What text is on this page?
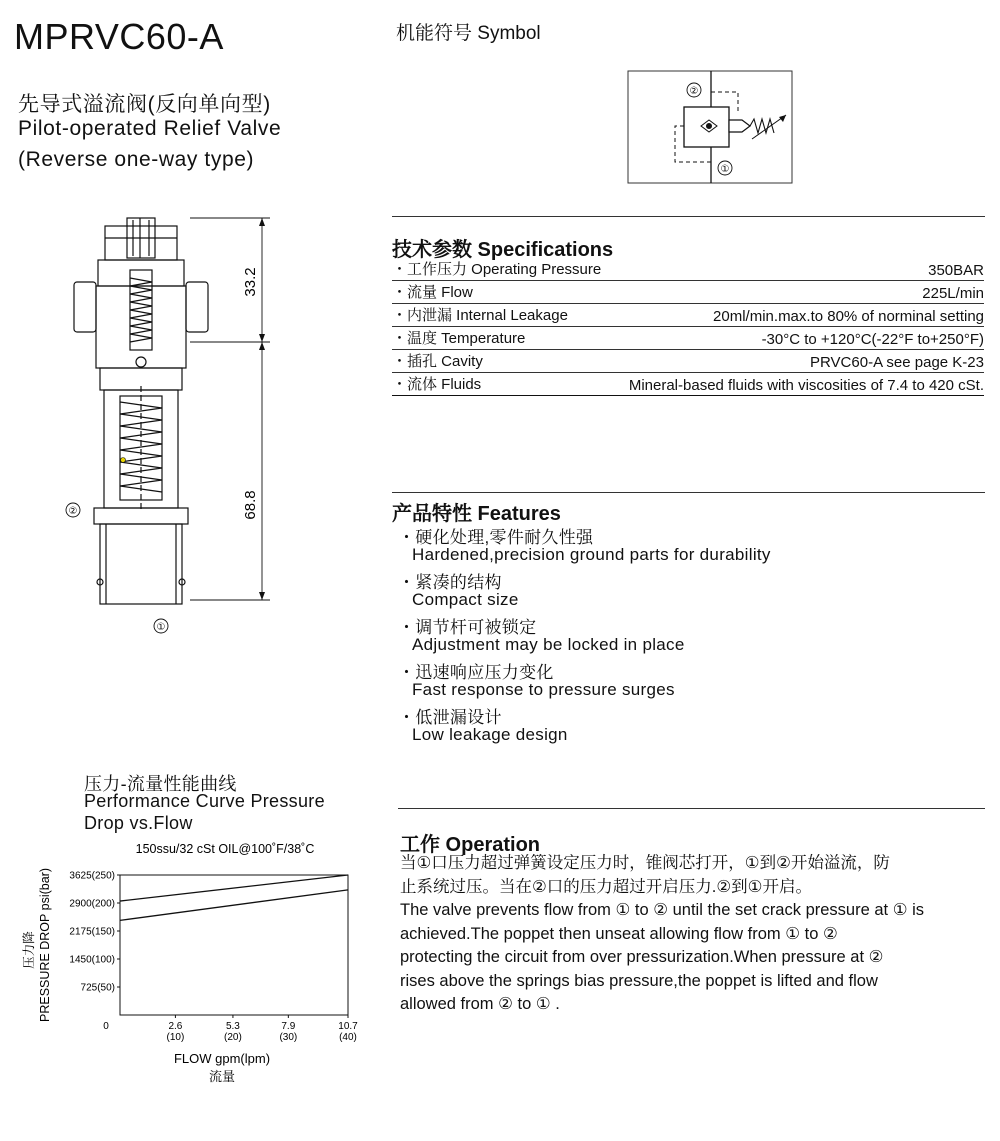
MPRVC60-A
先导式溢流阀(反向单向型)
Pilot-operated Relief Valve
(Reverse one-way type)
机能符号 Symbol
②
①
33.2
68.8
②
①
技术参数 Specifications
・工作压力 Operating Pressure	350BAR
・流量 Flow	225L/min
・内泄漏 Internal Leakage	20ml/min.max.to 80% of norminal setting
・温度 Temperature	-30°C to +120°C(-22°F to+250°F)
・插孔 Cavity	PRVC60-A see page K-23
・流体 Fluids	Mineral-based fluids with viscosities of 7.4 to 420 cSt.
产品特性 Features
・硬化处理,零件耐久性强
Hardened,precision ground parts for durability
・紧凑的结构
Compact size
・调节杆可被锁定
Adjustment may be locked in place
・迅速响应压力变化
Fast response to pressure surges
・低泄漏设计
Low leakage design
工作 Operation
当①口压力超过弹簧设定压力时，锥阀芯打开，①到②开始溢流，防
止系统过压。当在②口的压力超过开启压力.②到①开启。
The valve prevents flow from ① to ② until the set crack pressure at ① is
achieved.The poppet then unseat allowing flow from ① to ②
protecting the circuit from over pressurization.When pressure at ②
rises above the springs bias pressure,the poppet is lifted and flow
allowed from ② to ① .
压力-流量性能曲线
Performance Curve Pressure
Drop vs.Flow
150ssu/32 cSt OIL@100˚F/38˚C
725(50)
1450(100)
2175(150)
2900(200)
3625(250)
2.6
(10)
5.3
(20)
7.9
(30)
10.7
(40)
0
PRESSURE DROP psi(bar)
压力降
FLOW gpm(lpm)
流量
